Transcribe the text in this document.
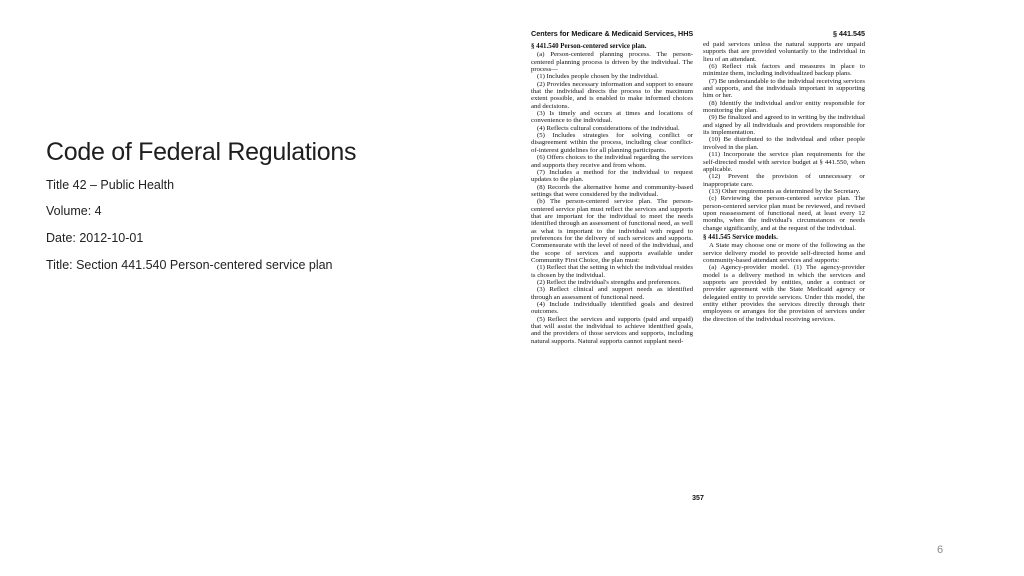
Code of Federal Regulations
Title 42 – Public Health
Volume: 4
Date: 2012-10-01
Title: Section 441.540 Person-centered service plan
Centers for Medicare & Medicaid Services, HHS	§ 441.545
§ 441.540 Person-centered service plan.

(a) Person-centered planning process. The person-centered planning process is driven by the individual. The process—

(1) Includes people chosen by the individual.

(2) Provides necessary information and support to ensure that the individual directs the process to the maximum extent possible, and is enabled to make informed choices and decisions.

(3) Is timely and occurs at times and locations of convenience to the individual.

(4) Reflects cultural considerations of the individual.

(5) Includes strategies for solving conflict or disagreement within the process, including clear conflict-of-interest guidelines for all planning participants.

(6) Offers choices to the individual regarding the services and supports they receive and from whom.

(7) Includes a method for the individual to request updates to the plan.

(8) Records the alternative home and community-based settings that were considered by the individual.

(b) The person-centered service plan. The person-centered service plan must reflect the services and supports that are important for the individual to meet the needs identified through an assessment of functional need, as well as what is important to the individual with regard to preferences for the delivery of such services and supports. Commensurate with the level of need of the individual, and the scope of services and supports available under Community First Choice, the plan must:

(1) Reflect that the setting in which the individual resides is chosen by the individual.

(2) Reflect the individual's strengths and preferences.

(3) Reflect clinical and support needs as identified through an assessment of functional need.

(4) Include individually identified goals and desired outcomes.

(5) Reflect the services and supports (paid and unpaid) that will assist the individual to achieve identified goals, and the providers of those services and supports, including natural supports. Natural supports cannot supplant need-

ed paid services unless the natural supports are unpaid supports that are provided voluntarily to the individual in lieu of an attendant.

(6) Reflect risk factors and measures in place to minimize them, including individualized backup plans.

(7) Be understandable to the individual receiving services and supports, and the individuals important in supporting him or her.

(8) Identify the individual and/or entity responsible for monitoring the plan.

(9) Be finalized and agreed to in writing by the individual and signed by all individuals and providers responsible for its implementation.

(10) Be distributed to the individual and other people involved in the plan.

(11) Incorporate the service plan requirements for the self-directed model with service budget at § 441.550, when applicable.

(12) Prevent the provision of unnecessary or inappropriate care.

(13) Other requirements as determined by the Secretary.

(c) Reviewing the person-centered service plan. The person-centered service plan must be reviewed, and revised upon reassessment of functional need, at least every 12 months, when the individual's circumstances or needs change significantly, and at the request of the individual.

§ 441.545 Service models.

A State may choose one or more of the following as the service delivery model to provide self-directed home and community-based attendant services and supports:

(a) Agency-provider model. (1) The agency-provider model is a delivery method in which the services and supports are provided by entities, under a contract or provider agreement with the State Medicaid agency or delegated entity to provide services. Under this model, the entity either provides the services directly through their employees or arranges for the provision of services under the direction of the individual receiving services.

357
6
